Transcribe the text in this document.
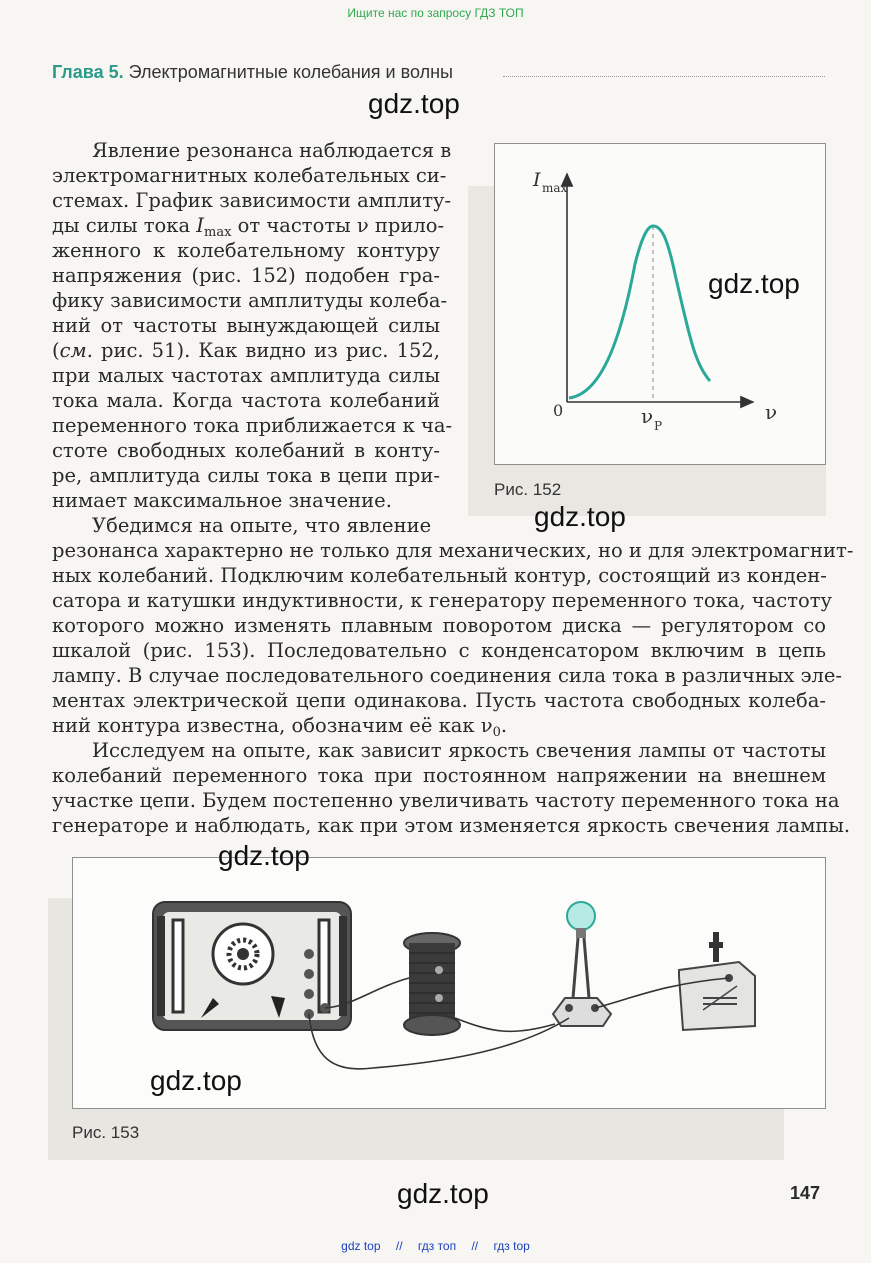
Ищите нас по запросу ГДЗ ТОП
Глава 5. Электромагнитные колебания и волны
I max
0	ν P
ν
Рис. 152
Явление резонанса наблюдается в
электромагнитных колебательных си-
стемах. График зависимости амплиту-
ды силы тока $I_{max}$ от частоты ν прило-
женного к колебательному контуру
напряжения (рис. 152) подобен гра-
фику зависимости амплитуды колеба-
ний от частоты вынуждающей силы
(см. рис. 51). Как видно из рис. 152,
при малых частотах амплитуда силы
тока мала. Когда частота колебаний
переменного тока приближается к ча-
стоте свободных колебаний в конту-
ре, амплитуда силы тока в цепи при-
нимает максимальное значение.
Убедимся на опыте, что явление
резонанса характерно не только для механических, но и для электромагнит-
ных колебаний. Подключим колебательный контур, состоящий из конден-
сатора и катушки индуктивности, к генератору переменного тока, частоту
которого можно изменять плавным поворотом диска — регулятором со
шкалой (рис. 153). Последовательно с конденсатором включим в цепь
лампу. В случае последовательного соединения сила тока в различных эле-
ментах электрической цепи одинакова. Пусть частота свободных колеба-
ний контура известна, обозначим её как $\nu_0$.
Исследуем на опыте, как зависит яркость свечения лампы от частоты
колебаний переменного тока при постоянном напряжении на внешнем
участке цепи. Будем постепенно увеличивать частоту переменного тока на
генераторе и наблюдать, как при этом изменяется яркость свечения лампы.
Рис. 153
gdz.top
gdz.top
gdz.top
gdz.top
gdz.top
gdz.top	147
gdz top // гдз топ // гдз top
